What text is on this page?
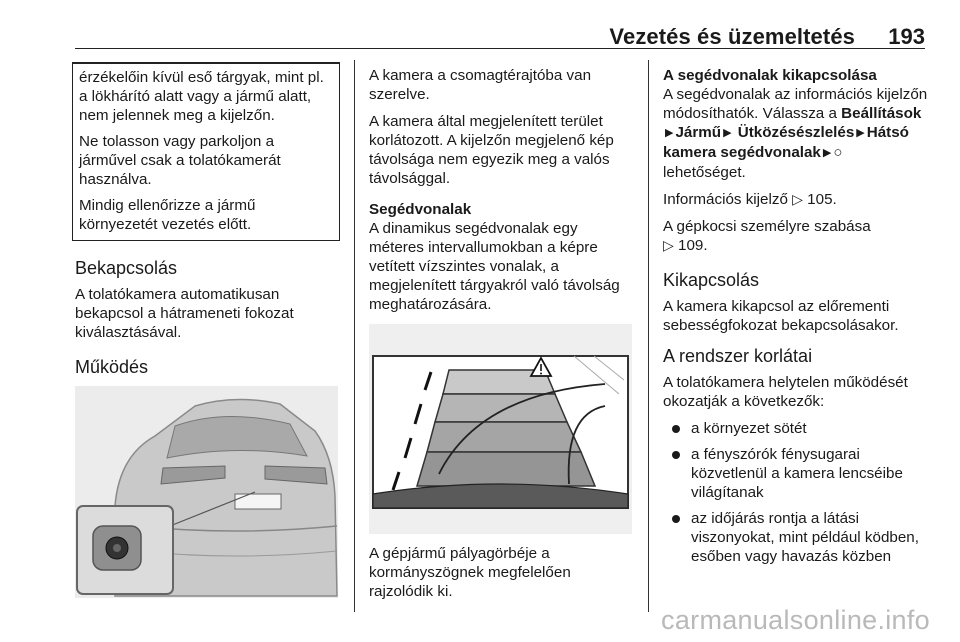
Vezetés és üzemeltetés 193

érzékelőin kívül eső tárgyak, mint pl. a lökhárító alatt vagy a jármű alatt, nem jelennek meg a kijelzőn.

Ne tolasson vagy parkoljon a járművel csak a tolatókamerát használva.

Mindig ellenőrizze a jármű környezetét vezetés előtt.

Bekapcsolás

A tolatókamera automatikusan bekapcsol a hátrameneti fokozat kiválasztásával.

Működés

A kamera a csomagtérajtóba van szerelve.

A kamera által megjelenített terület korlátozott. A kijelzőn megjelenő kép távolsága nem egyezik meg a valós távolsággal.

Segédvonalak

A dinamikus segédvonalak egy méteres intervallumokban a képre vetített vízszintes vonalak, a megjelenített tárgyakról való távolság meghatározására.

A gépjármű pályagörbéje a kormányszögnek megfelelően rajzolódik ki.

A segédvonalak kikapcsolása

A segédvonalak az információs kijelzőn módosíthatók. Válassza a Beállítások▶ Jármű ▶ Ütközésészlelés ▶ Hátsó kamera segédvonalak ▶ ○ lehetőséget.

Információs kijelző ▷ 105.

A gépkocsi személyre szabása
▷ 109.

Kikapcsolás

A kamera kikapcsol az előrementi sebességfokozat bekapcsolásakor.

A rendszer korlátai

A tolatókamera helytelen működését okozatják a következők:

a környezet sötét
a fényszórók fénysugarai közvetlenül a kamera lencséibe világítanak
az időjárás rontja a látási viszonyokat, mint például ködben, esőben vagy havazás közben
carmanualsonline.info
